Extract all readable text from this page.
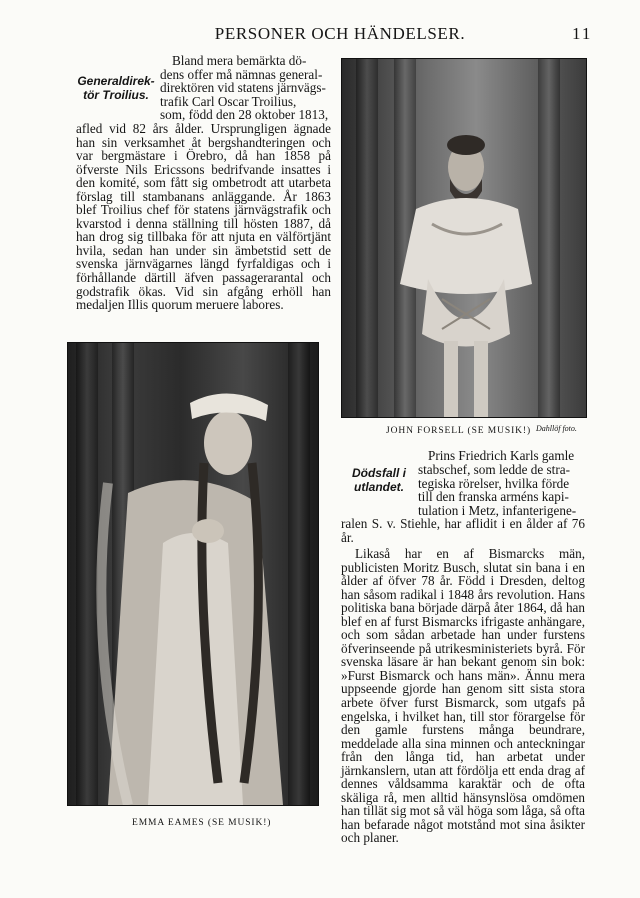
PERSONER OCH HÄNDELSER.	11
Generaldirek-
tör Troilius.

Bland mera bemärkta dö-

dens offer må nämnas general-

direktören vid statens järnvägs-

trafik Carl Oscar Troilius,

som, född den 28 oktober 1813,

afled vid 82 års ålder. Ursprungligen ägnade han sin verksamhet åt bergshandteringen och var bergmästare i Örebro, då han 1858 på öfverste Nils Ericssons bedrifvande insattes i den komité, som fått sig ombetrodt att utarbeta förslag till stambanans anläggande. År 1863 blef Troilius chef för statens järnvägstrafik och kvarstod i denna ställning till hösten 1887, då han drog sig tillbaka för att njuta en välförtjänt hvila, sedan han under sin ämbetstid sett de svenska järnvägarnes längd fyrfaldigas och i förhållande därtill äfven passagerarantal och godstrafik ökas. Vid sin afgång erhöll han medaljen Illis quorum meruere labores.

JOHN FORSELL (SE MUSIK!) Dahllöf foto.
EMMA EAMES (SE MUSIK!)
Dödsfall i
utlandet.

Prins Friedrich Karls gamle

stabschef, som ledde de stra-

tegiska rörelser, hvilka förde

till den franska arméns kapi-

tulation i Metz, infanterigene-

ralen S. v. Stiehle, har aflidit i en ålder af 76 år.

Likaså har en af Bismarcks män, publicisten Moritz Busch, slutat sin bana i en ålder af öfver 78 år. Född i Dresden, deltog han såsom radikal i 1848 års revolution. Hans politiska bana började därpå åter 1864, då han blef en af furst Bismarcks ifrigaste anhängare, och som sådan arbetade han under furstens öfverinseende på utrikesministeriets byrå. För svenska läsare är han bekant genom sin bok: »Furst Bismarck och hans män». Ännu mera uppseende gjorde han genom sitt sista stora arbete öfver furst Bismarck, som utgafs på engelska, i hvilket han, till stor förargelse för den gamle furstens många beundrare, meddelade alla sina minnen och anteckningar från den långa tid, han arbetat under järnkanslern, utan att fördölja ett enda drag af dennes våldsamma karaktär och de ofta skäliga rå, men alltid hänsynslösa omdömen han tillät sig mot så väl höga som låga, så ofta han befarade något motstånd mot sina åsikter och planer.
